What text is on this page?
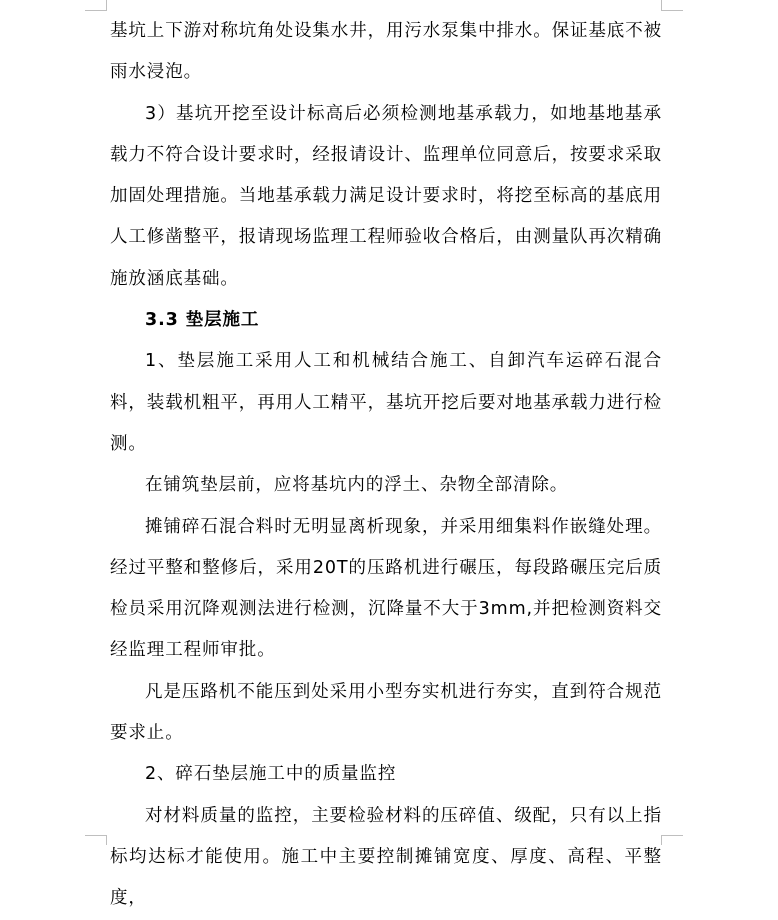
基坑上下游对称坑角处设集水井，用污水泵集中排水。保证基底不被雨水浸泡。

3）基坑开挖至设计标高后必须检测地基承载力，如地基地基承载力不符合设计要求时，经报请设计、监理单位同意后，按要求采取加固处理措施。当地基承载力满足设计要求时，将挖至标高的基底用人工修凿整平，报请现场监理工程师验收合格后，由测量队再次精确施放涵底基础。

3.3 垫层施工

1、垫层施工采用人工和机械结合施工、自卸汽车运碎石混合料，装载机粗平，再用人工精平，基坑开挖后要对地基承载力进行检测。

在铺筑垫层前，应将基坑内的浮土、杂物全部清除。

摊铺碎石混合料时无明显离析现象，并采用细集料作嵌缝处理。经过平整和整修后，采用20T的压路机进行碾压，每段路碾压完后质检员采用沉降观测法进行检测，沉降量不大于3mm,并把检测资料交经监理工程师审批。

凡是压路机不能压到处采用小型夯实机进行夯实，直到符合规范要求止。

2、碎石垫层施工中的质量监控

对材料质量的监控，主要检验材料的压碎值、级配，只有以上指标均达标才能使用。施工中主要控制摊铺宽度、厚度、高程、平整度，
